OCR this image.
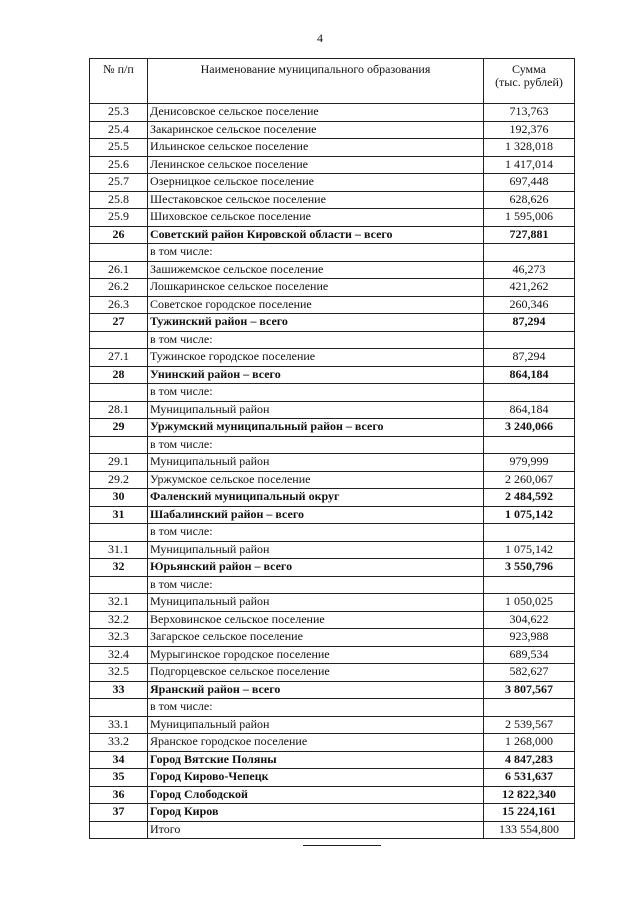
4
№ п/п	Наименование муниципального образования	Сумма
(тыс. рублей)

25.3	Денисовское сельское поселение	713,763
25.4	Закаринское сельское поселение	192,376
25.5	Ильинское сельское поселение	1 328,018
25.6	Ленинское сельское поселение	1 417,014
25.7	Озерницкое сельское поселение	697,448
25.8	Шестаковское сельское поселение	628,626
25.9	Шиховское сельское поселение	1 595,006
26	Советский район Кировской области – всего	727,881
	в том числе:	
26.1	Зашижемское сельское поселение	46,273
26.2	Лошкаринское сельское поселение	421,262
26.3	Советское городское поселение	260,346
27	Тужинский район – всего	87,294
	в том числе:	
27.1	Тужинское городское поселение	87,294
28	Унинский район – всего	864,184
	в том числе:	
28.1	Муниципальный район	864,184
29	Уржумский муниципальный район – всего	3 240,066
	в том числе:	
29.1	Муниципальный район	979,999
29.2	Уржумское сельское поселение	2 260,067
30	Фаленский муниципальный округ	2 484,592
31	Шабалинский район – всего	1 075,142
	в том числе:	
31.1	Муниципальный район	1 075,142
32	Юрьянский район – всего	3 550,796
	в том числе:	
32.1	Муниципальный район	1 050,025
32.2	Верховинское сельское поселение	304,622
32.3	Загарское сельское поселение	923,988
32.4	Мурыгинское городское поселение	689,534
32.5	Подгорцевское сельское поселение	582,627
33	Яранский район – всего	3 807,567
	в том числе:	
33.1	Муниципальный район	2 539,567
33.2	Яранское городское поселение	1 268,000
34	Город Вятские Поляны	4 847,283
35	Город Кирово-Чепецк	6 531,637
36	Город Слободской	12 822,340
37	Город Киров	15 224,161
	Итого	133 554,800
